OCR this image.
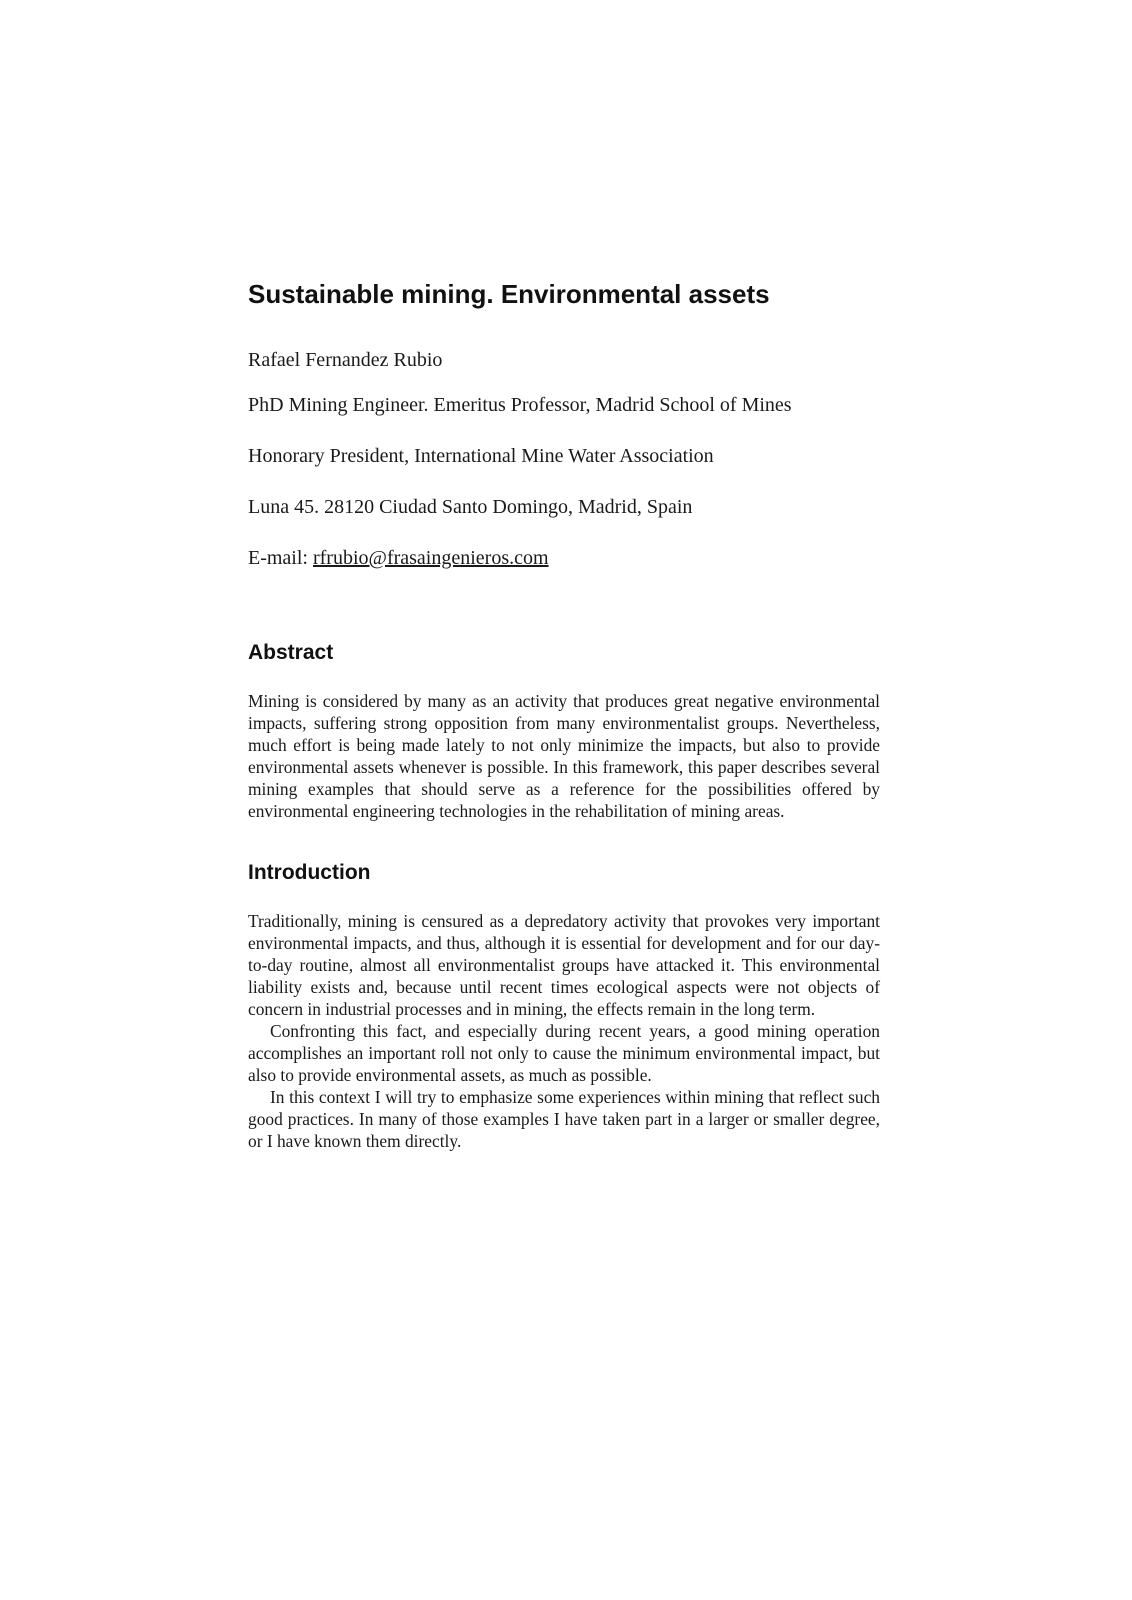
Sustainable mining. Environmental assets

Rafael Fernandez Rubio

PhD Mining Engineer. Emeritus Professor, Madrid School of Mines

Honorary President, International Mine Water Association

Luna 45. 28120 Ciudad Santo Domingo, Madrid, Spain

E-mail: rfrubio@frasaingenieros.com

Abstract

Mining is considered by many as an activity that produces great negative environmental impacts, suffering strong opposition from many environmentalist groups. Nevertheless, much effort is being made lately to not only minimize the impacts, but also to provide environmental assets whenever is possible. In this framework, this paper describes several mining examples that should serve as a reference for the possibilities offered by environmental engineering technologies in the rehabilitation of mining areas.

Introduction

Traditionally, mining is censured as a depredatory activity that provokes very important environmental impacts, and thus, although it is essential for development and for our day-to-day routine, almost all environmentalist groups have attacked it. This environmental liability exists and, because until recent times ecological aspects were not objects of concern in industrial processes and in mining, the effects remain in the long term.

Confronting this fact, and especially during recent years, a good mining operation accomplishes an important roll not only to cause the minimum environmental impact, but also to provide environmental assets, as much as possible.

In this context I will try to emphasize some experiences within mining that reflect such good practices. In many of those examples I have taken part in a larger or smaller degree, or I have known them directly.
